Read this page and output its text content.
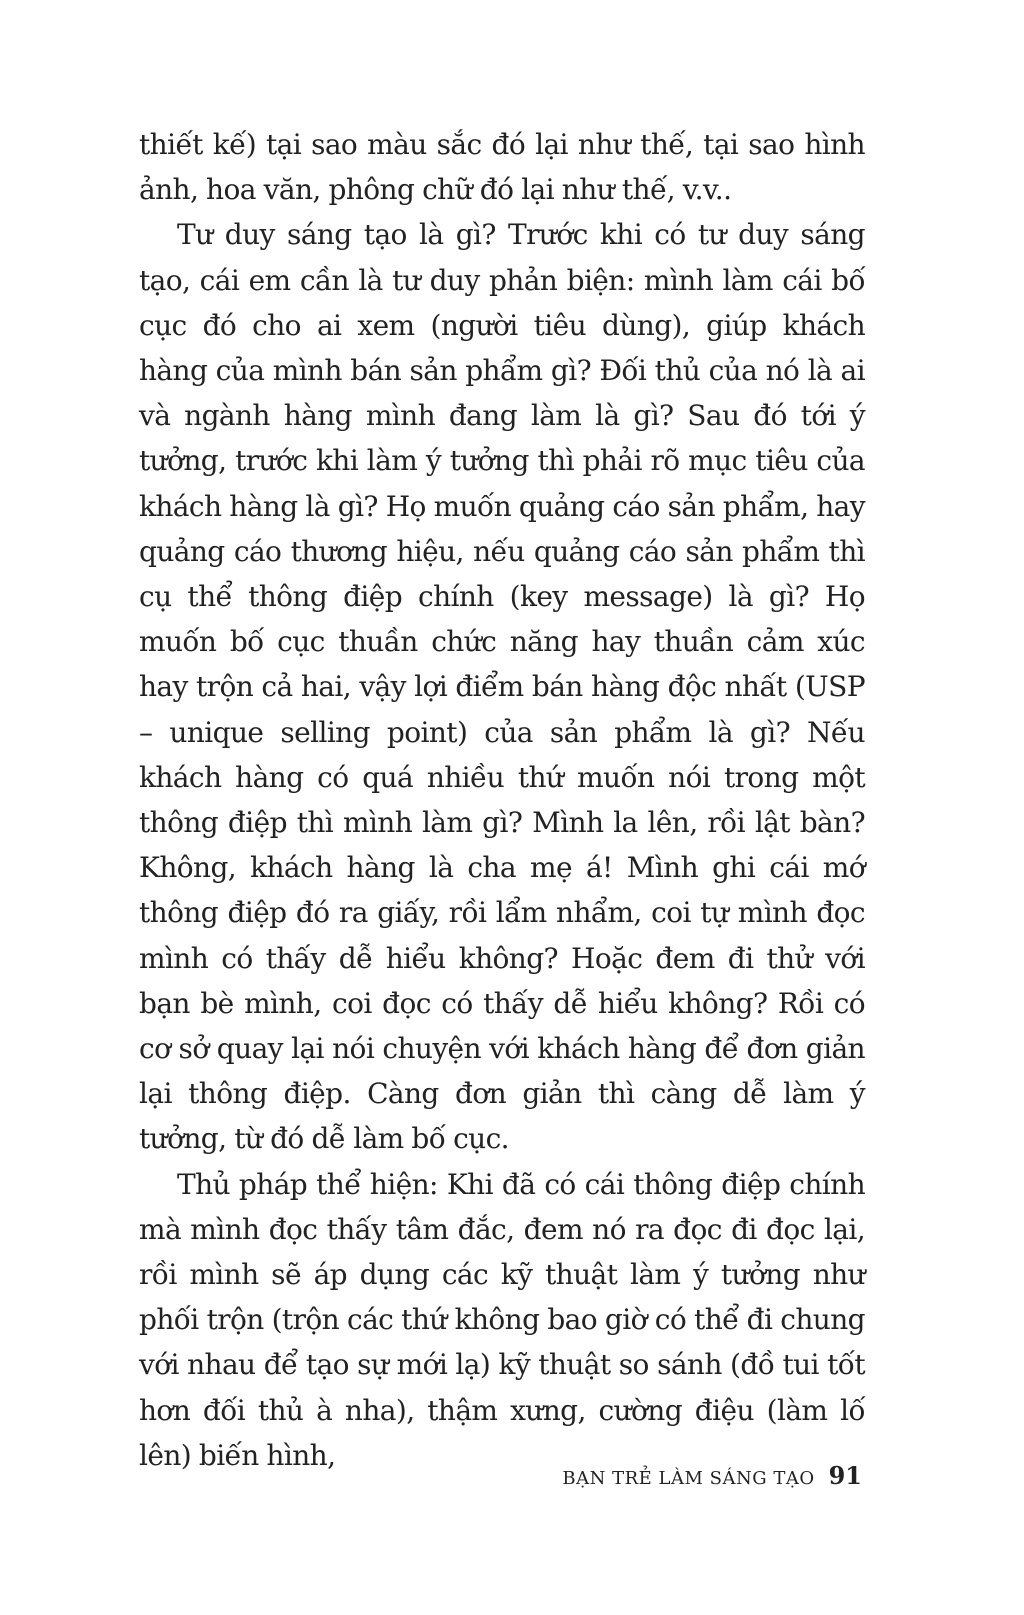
thiết kế) tại sao màu sắc đó lại như thế, tại sao hình ảnh, hoa văn, phông chữ đó lại như thế, v.v..

Tư duy sáng tạo là gì? Trước khi có tư duy sáng tạo, cái em cần là tư duy phản biện: mình làm cái bố cục đó cho ai xem (người tiêu dùng), giúp khách hàng của mình bán sản phẩm gì? Đối thủ của nó là ai và ngành hàng mình đang làm là gì? Sau đó tới ý tưởng, trước khi làm ý tưởng thì phải rõ mục tiêu của khách hàng là gì? Họ muốn quảng cáo sản phẩm, hay quảng cáo thương hiệu, nếu quảng cáo sản phẩm thì cụ thể thông điệp chính (key message) là gì? Họ muốn bố cục thuần chức năng hay thuần cảm xúc hay trộn cả hai, vậy lợi điểm bán hàng độc nhất (USP – unique selling point) của sản phẩm là gì? Nếu khách hàng có quá nhiều thứ muốn nói trong một thông điệp thì mình làm gì? Mình la lên, rồi lật bàn? Không, khách hàng là cha mẹ á! Mình ghi cái mớ thông điệp đó ra giấy, rồi lẩm nhẩm, coi tự mình đọc mình có thấy dễ hiểu không? Hoặc đem đi thử với bạn bè mình, coi đọc có thấy dễ hiểu không? Rồi có cơ sở quay lại nói chuyện với khách hàng để đơn giản lại thông điệp. Càng đơn giản thì càng dễ làm ý tưởng, từ đó dễ làm bố cục.

Thủ pháp thể hiện: Khi đã có cái thông điệp chính mà mình đọc thấy tâm đắc, đem nó ra đọc đi đọc lại, rồi mình sẽ áp dụng các kỹ thuật làm ý tưởng như phối trộn (trộn các thứ không bao giờ có thể đi chung với nhau để tạo sự mới lạ) kỹ thuật so sánh (đồ tui tốt hơn đối thủ à nha), thậm xưng, cường điệu (làm lố lên) biến hình,

BẠN TRẺ LÀM SÁNG TẠO 91
